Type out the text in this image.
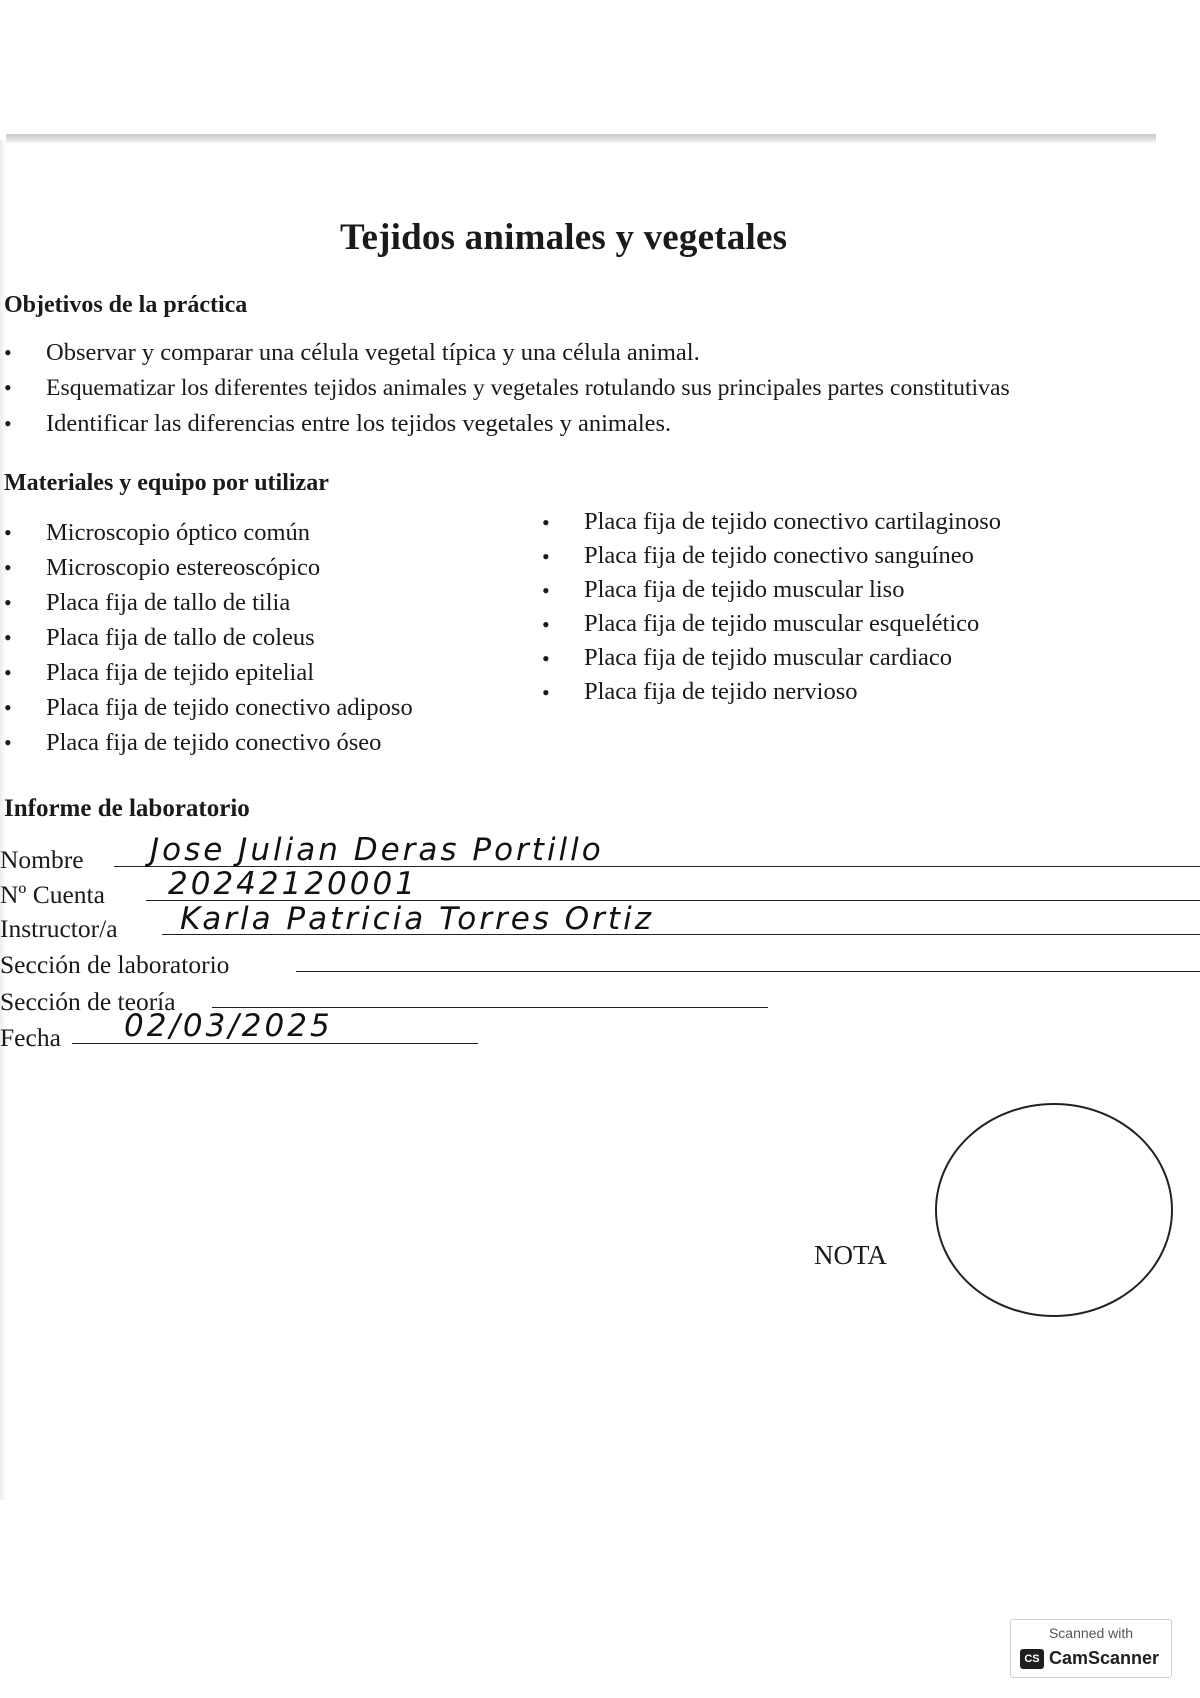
Tejidos animales y vegetales
Objetivos de la práctica
• Observar y comparar una célula vegetal típica y una célula animal.
• Esquematizar los diferentes tejidos animales y vegetales rotulando sus principales partes constitutivas
• Identificar las diferencias entre los tejidos vegetales y animales.
Materiales y equipo por utilizar
• Microscopio óptico común
• Microscopio estereoscópico
• Placa fija de tallo de tilia
• Placa fija de tallo de coleus
• Placa fija de tejido epitelial
• Placa fija de tejido conectivo adiposo
• Placa fija de tejido conectivo óseo
• Placa fija de tejido conectivo cartilaginoso
• Placa fija de tejido conectivo sanguíneo
• Placa fija de tejido muscular liso
• Placa fija de tejido muscular esquelético
• Placa fija de tejido muscular cardiaco
• Placa fija de tejido nervioso
Informe de laboratorio
Nombre Jose Julian Deras Portillo
Nº Cuenta 20242120001
Instructor/a Karla Patricia Torres Ortiz
Sección de laboratorio
Sección de teoría
Fecha 02/03/2025
NOTA
Scanned with
CS CamScanner
